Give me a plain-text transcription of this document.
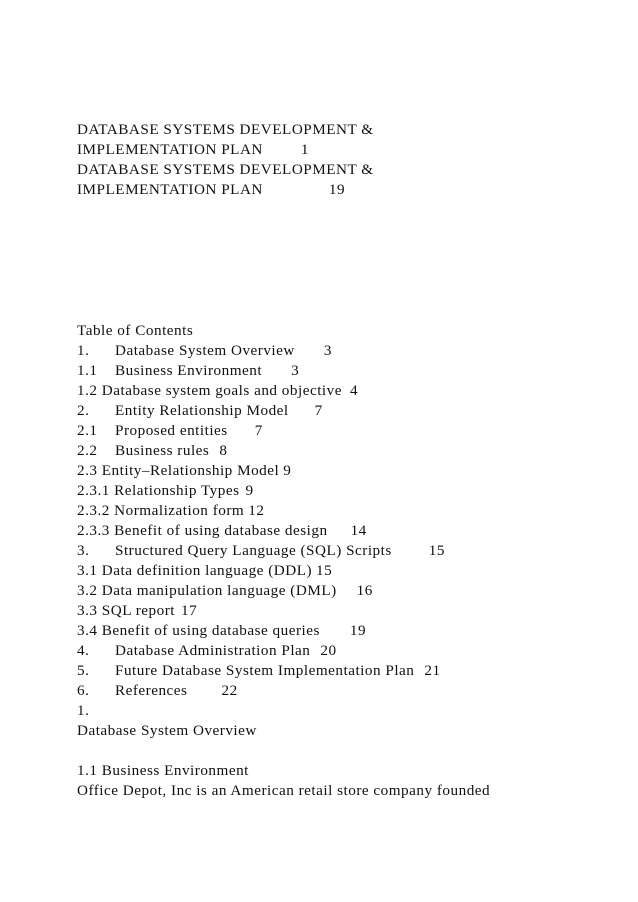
DATABASE SYSTEMS DEVELOPMENT &
IMPLEMENTATION PLAN	1
DATABASE SYSTEMS DEVELOPMENT &
IMPLEMENTATION PLAN	19
Table of Contents
1. Database System Overview 3
1.1 Business Environment 3
1.2 Database system goals and objective 4
2. Entity Relationship Model 7
2.1 Proposed entities 7
2.2 Business rules 8
2.3 Entity–Relationship Model 9
2.3.1 Relationship Types 9
2.3.2 Normalization form 12
2.3.3 Benefit of using database design 14
3. Structured Query Language (SQL) Scripts 15
3.1 Data definition language (DDL) 15
3.2 Data manipulation language (DML) 16
3.3 SQL report 17
3.4 Benefit of using database queries 19
4. Database Administration Plan 20
5. Future Database System Implementation Plan 21
6. References 22
1.
Database System Overview
1.1 Business Environment
Office Depot, Inc is an American retail store company founded
